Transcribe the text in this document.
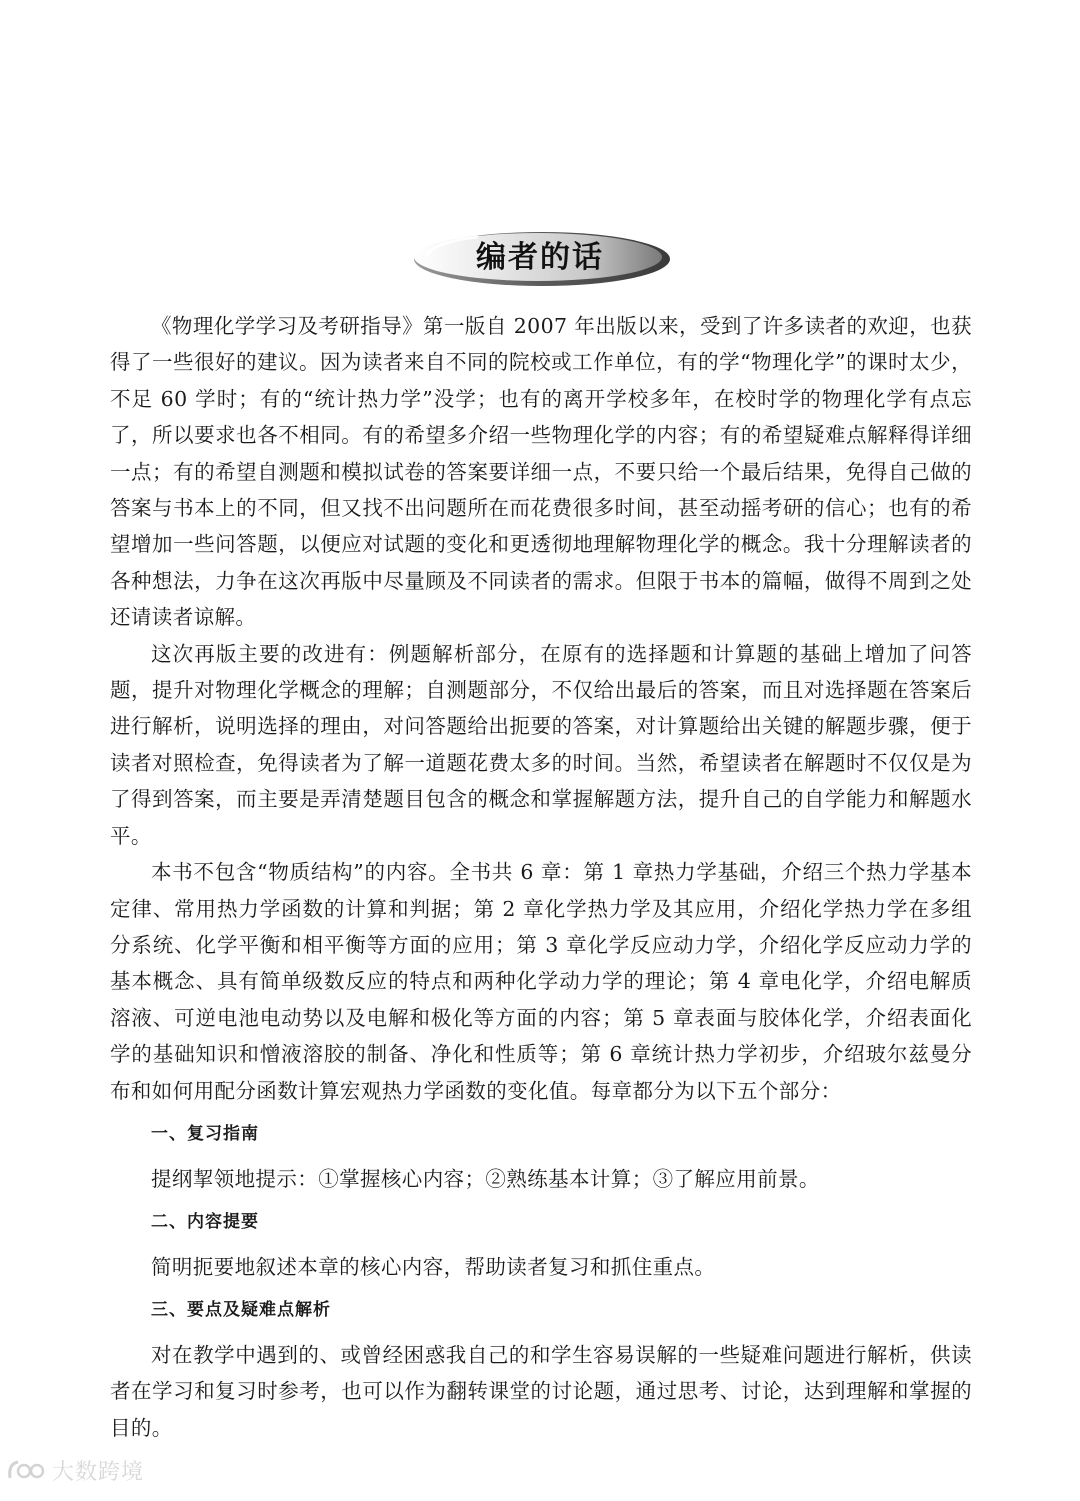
编者的话

《物理化学学习及考研指导》第一版自 2007 年出版以来，受到了许多读者的欢迎，也获得了一些很好的建议。因为读者来自不同的院校或工作单位，有的学“物理化学”的课时太少，不足 60 学时；有的“统计热力学”没学；也有的离开学校多年，在校时学的物理化学有点忘了，所以要求也各不相同。有的希望多介绍一些物理化学的内容；有的希望疑难点解释得详细一点；有的希望自测题和模拟试卷的答案要详细一点，不要只给一个最后结果，免得自己做的答案与书本上的不同，但又找不出问题所在而花费很多时间，甚至动摇考研的信心；也有的希望增加一些问答题，以便应对试题的变化和更透彻地理解物理化学的概念。我十分理解读者的各种想法，力争在这次再版中尽量顾及不同读者的需求。但限于书本的篇幅，做得不周到之处还请读者谅解。

这次再版主要的改进有：例题解析部分，在原有的选择题和计算题的基础上增加了问答题，提升对物理化学概念的理解；自测题部分，不仅给出最后的答案，而且对选择题在答案后进行解析，说明选择的理由，对问答题给出扼要的答案，对计算题给出关键的解题步骤，便于读者对照检查，免得读者为了解一道题花费太多的时间。当然，希望读者在解题时不仅仅是为了得到答案，而主要是弄清楚题目包含的概念和掌握解题方法，提升自己的自学能力和解题水平。

本书不包含“物质结构”的内容。全书共 6 章：第 1 章热力学基础，介绍三个热力学基本定律、常用热力学函数的计算和判据；第 2 章化学热力学及其应用，介绍化学热力学在多组分系统、化学平衡和相平衡等方面的应用；第 3 章化学反应动力学，介绍化学反应动力学的基本概念、具有简单级数反应的特点和两种化学动力学的理论；第 4 章电化学，介绍电解质溶液、可逆电池电动势以及电解和极化等方面的内容；第 5 章表面与胶体化学，介绍表面化学的基础知识和憎液溶胶的制备、净化和性质等；第 6 章统计热力学初步，介绍玻尔兹曼分布和如何用配分函数计算宏观热力学函数的变化值。每章都分为以下五个部分：

一、复习指南

提纲挈领地提示：①掌握核心内容；②熟练基本计算；③了解应用前景。

二、内容提要

简明扼要地叙述本章的核心内容，帮助读者复习和抓住重点。

三、要点及疑难点解析

对在教学中遇到的、或曾经困惑我自己的和学生容易误解的一些疑难问题进行解析，供读者在学习和复习时参考，也可以作为翻转课堂的讨论题，通过思考、讨论，达到理解和掌握的目的。

大数跨境
